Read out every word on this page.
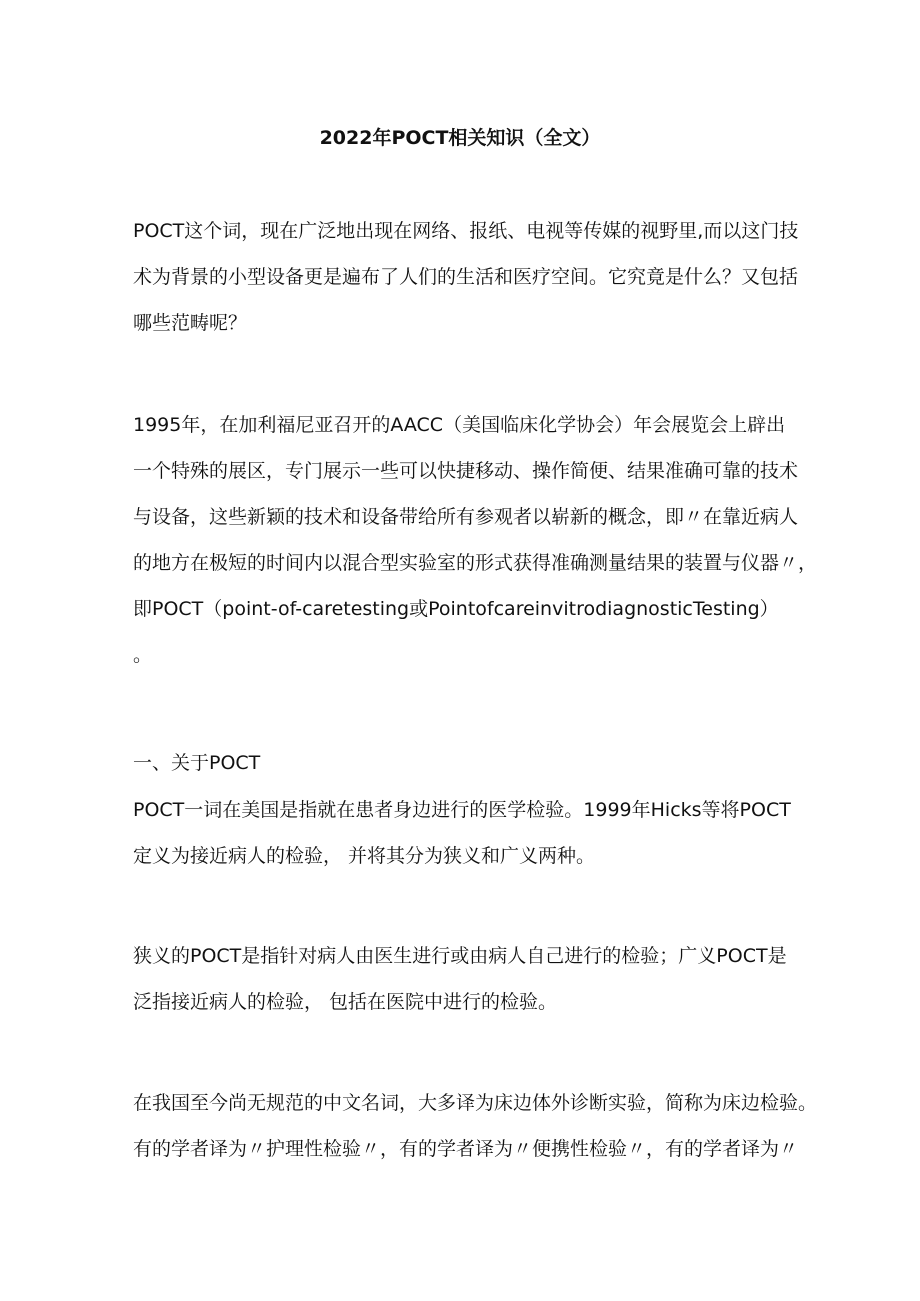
2022年POCT相关知识（全文）
POCT这个词，现在广泛地出现在网络、报纸、电视等传媒的视野里,而以这门技
术为背景的小型设备更是遍布了人们的生活和医疗空间。它究竟是什么？又包括
哪些范畴呢？
1995年，在加利福尼亚召开的AACC（美国临床化学协会）年会展览会上辟出
一个特殊的展区，专门展示一些可以快捷移动、操作简便、结果准确可靠的技术
与设备，这些新颖的技术和设备带给所有参观者以崭新的概念，即〃在靠近病人
的地方在极短的时间内以混合型实验室的形式获得准确测量结果的装置与仪器〃，
即POCT（point-of-caretesting或PointofcareinvitrodiagnosticTesting）
。
一、关于POCT
POCT一词在美国是指就在患者身边进行的医学检验。1999年Hicks等将POCT
定义为接近病人的检验， 并将其分为狭义和广义两种。
狭义的POCT是指针对病人由医生进行或由病人自己进行的检验；广义POCT是
泛指接近病人的检验， 包括在医院中进行的检验。
在我国至今尚无规范的中文名词，大多译为床边体外诊断实验，简称为床边检验。
有的学者译为〃护理性检验〃，有的学者译为〃便携性检验〃，有的学者译为〃
